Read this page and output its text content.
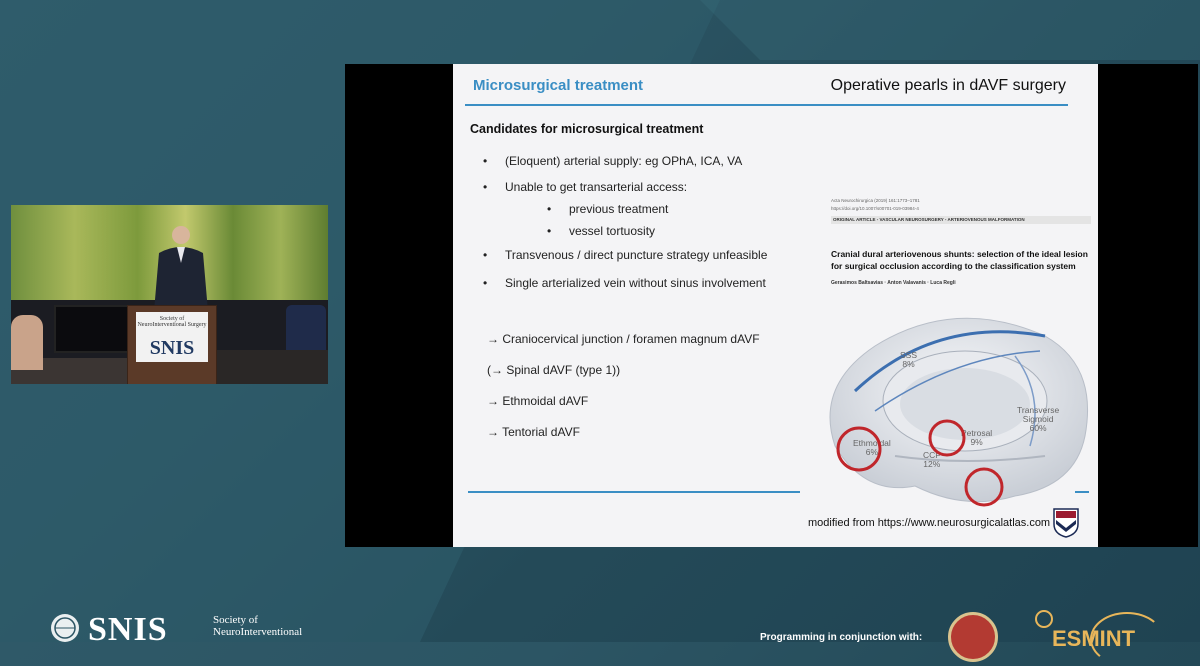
Society of NeuroInterventional Surgery
SNIS
Microsurgical treatment	Operative pearls in dAVF surgery
Candidates for microsurgical treatment
• (Eloquent) arterial supply: eg OPhA, ICA, VA
• Unable to get transarterial access:
• previous treatment
• vessel tortuosity
• Transvenous / direct puncture strategy unfeasible
• Single arterialized vein without sinus involvement
→ Craniocervical junction / foramen magnum dAVF
(→ Spinal dAVF (type 1))
→ Ethmoidal dAVF
→ Tentorial dAVF
Acta Neurochirurgica (2019) 161:1773–1781
https://doi.org/10.1007/s00701-019-03984-4
ORIGINAL ARTICLE - VASCULAR NEUROSURGERY - ARTERIOVENOUS MALFORMATION
Cranial dural arteriovenous shunts: selection of the ideal lesion for surgical occlusion according to the classification system
Gerasimos Baltsavias · Anton Valavanis · Luca Regli
SSS
8%
Transverse
Sigmoid
60%
Ethmoidal
6%	CCF
12%
Petrosal
9%
modified from https://www.neurosurgicalatlas.com
SNIS	Society of
NeuroInterventional	Programming in conjunction with:	ESMINT
